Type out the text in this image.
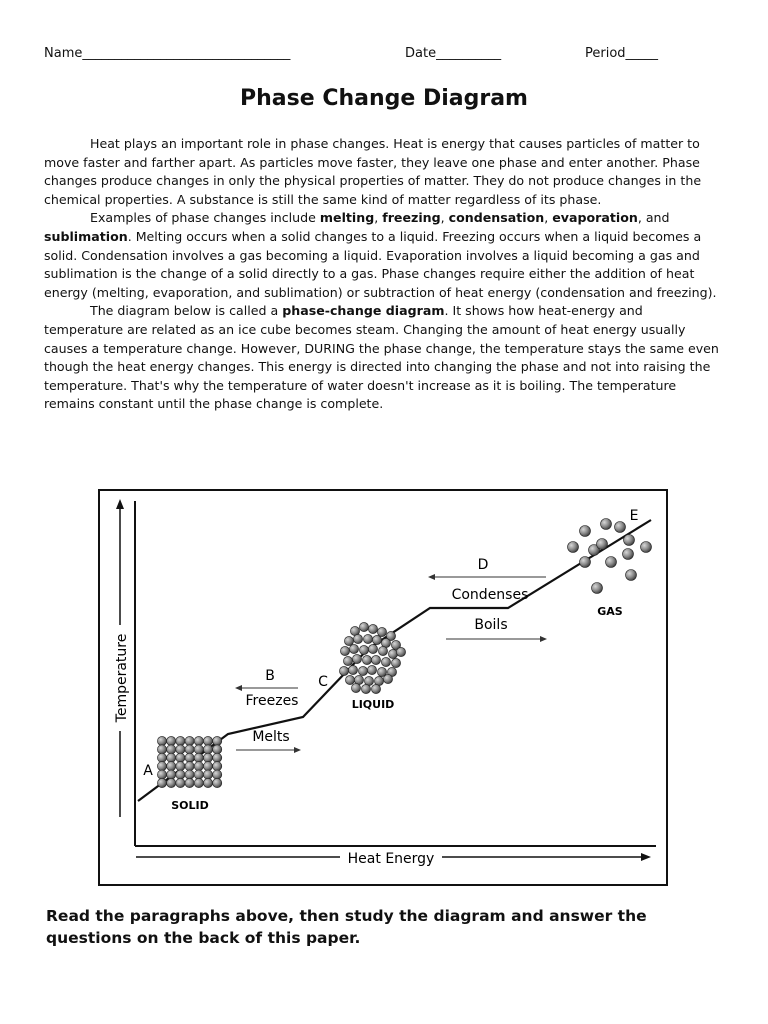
Name________________________________	Date__________	Period_____
Phase Change Diagram

Heat plays an important role in phase changes. Heat is energy that causes particles of matter to move faster and farther apart. As particles move faster, they leave one phase and enter another. Phase changes produce changes in only the physical properties of matter. They do not produce changes in the chemical properties. A substance is still the same kind of matter regardless of its phase.

Examples of phase changes include melting, freezing, condensation, evaporation, and sublimation. Melting occurs when a solid changes to a liquid. Freezing occurs when a liquid becomes a solid. Condensation involves a gas becoming a liquid. Evaporation involves a liquid becoming a gas and sublimation is the change of a solid directly to a gas. Phase changes require either the addition of heat energy (melting, evaporation, and sublimation) or subtraction of heat energy (condensation and freezing).

The diagram below is called a phase-change diagram. It shows how heat-energy and temperature are related as an ice cube becomes steam. Changing the amount of heat energy usually causes a temperature change. However, DURING the phase change, the temperature stays the same even though the heat energy changes. This energy is directed into changing the phase and not into raising the temperature. That's why the temperature of water doesn't increase as it is boiling. The temperature remains constant until the phase change is complete.

Temperature
Heat Energy
SOLID
LIQUID
GAS
A
B	C
D
E
Freezes
Melts
Condenses
Boils
Read the paragraphs above, then study the diagram and answer the questions on the back of this paper.
